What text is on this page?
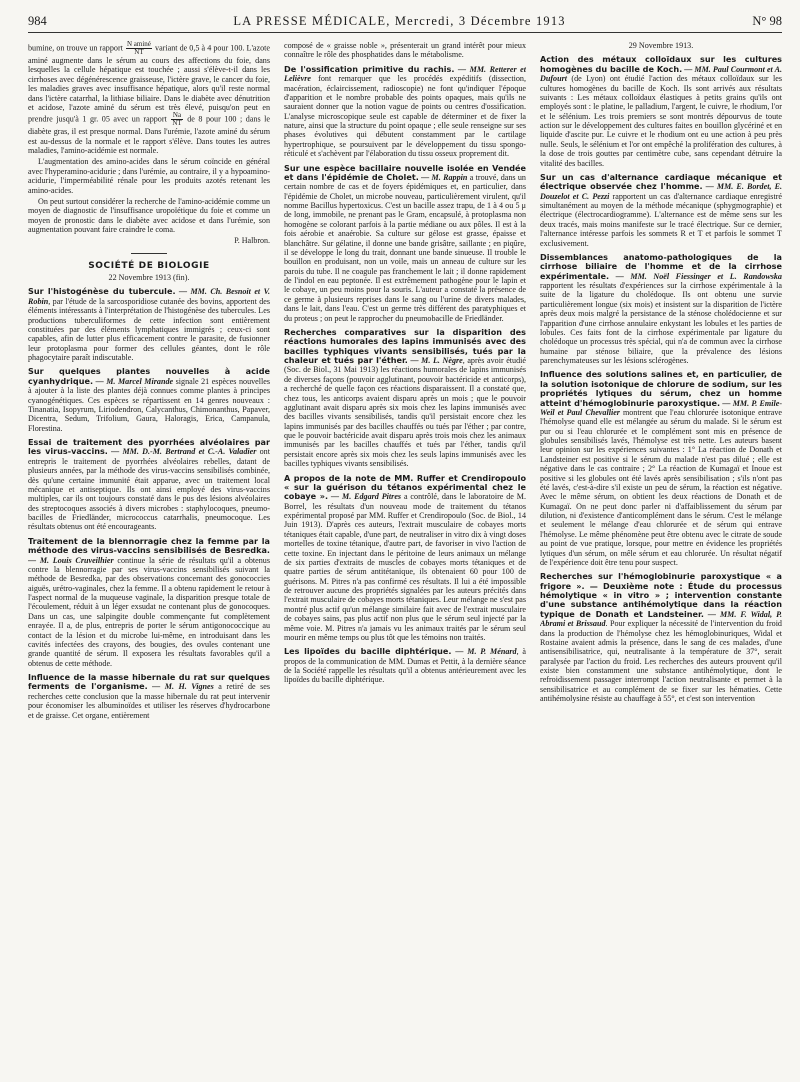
984	LA PRESSE MÉDICALE, Mercredi, 3 Décembre 1913	N° 98

bumine, on trouve un rapport $\frac{\text{N aminé}}{NT}$ variant de 0,5 à 4 pour 100. L'azote aminé augmente dans le sérum au cours des affections du foie, dans lesquelles la cellule hépatique est touchée ; aussi s'élève-t-il dans les cirrhoses avec dégénérescence graisseuse, l'ictère grave, le cancer du foie, les maladies graves avec insuffisance hépatique, alors qu'il reste normal dans l'ictère catarrhal, la lithiase biliaire. Dans le diabète avec dénutrition et acidose, l'azote aminé du sérum est très élevé, puisqu'on peut en prendre jusqu'à 1 gr. 05 avec un rapport $\frac{Na}{NT}$ de 8 pour 100 ; dans le diabète gras, il est presque normal. Dans l'urémie, l'azote aminé du sérum est au-dessus de la normale et le rapport s'élève. Dans toutes les autres maladies, l'amino-acidémie est normale.

L'augmentation des amino-acides dans le sérum coïncide en général avec l'hyperamino-acidurie ; dans l'urémie, au contraire, il y a hypoamino-acidurie, l'imperméabilité rénale pour les produits azotés retenant les amino-acides.

On peut surtout considérer la recherche de l'amino-acidémie comme un moyen de diagnostic de l'insuffisance uropoïétique du foie et comme un moyen de pronostic dans le diabète avec acidose et dans l'urémie, son augmentation pouvant faire craindre le coma.

P. Halbron.
SOCIÉTÉ DE BIOLOGIE
22 Novembre 1913 (fin).

Sur l'histogénèse du tubercule. — MM. Ch. Besnoit et V. Robin, par l'étude de la sarcosporidiose cutanée des bovins, apportent des éléments intéressants à l'interprétation de l'histogénèse des tubercules. Les productions tuberculiformes de cette infection sont entièrement constituées par des éléments lymphatiques immigrés ; ceux-ci sont capables, afin de lutter plus efficacement contre le parasite, de fusionner leur protoplasma pour former des cellules géantes, dont le rôle phagocytaire paraît indiscutable.

Sur quelques plantes nouvelles à acide cyanhydrique. — M. Marcel Mirande signale 21 espèces nouvelles à ajouter à la liste des plantes déjà connues comme plantes à principes cyanogénétiques. Ces espèces se répartissent en 14 genres nouveaux : Tinanatia, Isopyrum, Liriodendron, Calycanthus, Chimonanthus, Papaver, Dicentra, Sedum, Trifolium, Gaura, Haloragis, Erica, Campanula, Florestina.

Essai de traitement des pyorrhées alvéolaires par les virus-vaccins. — MM. D.-M. Bertrand et C.-A. Valadier ont entrepris le traitement de pyorrhées alvéolaires rebelles, datant de plusieurs années, par la méthode des virus-vaccins sensibilisés combinée, dès qu'une certaine immunité était apparue, avec un traitement local mécanique et antiseptique. Ils ont ainsi employé des virus-vaccins multiples, car ils ont toujours constaté dans le pus des lésions alvéolaires des streptocoques associés à divers microbes : staphylocoques, pneumo-bacilles de Friedländer, micrococcus catarrhalis, pneumocoque. Les résultats obtenus ont été encourageants.

Traitement de la blennorragie chez la femme par la méthode des virus-vaccins sensibilisés de Besredka. — M. Louis Cruveilhier continue la série de résultats qu'il a obtenus contre la blennorragie par ses virus-vaccins sensibilisés suivant la méthode de Besredka, par des observations concernant des gonococcies aiguës, urétro-vaginales, chez la femme. Il a obtenu rapidement le retour à l'aspect normal de la muqueuse vaginale, la disparition presque totale de l'écoulement, réduit à un léger exsudat ne contenant plus de gonocoques. Dans un cas, une salpingite double commençante fut complètement enrayée. Il a, de plus, entrepris de porter le sérum antigonococcique au contact de la lésion et du microbe lui-même, en introduisant dans les cavités infectées des crayons, des bougies, des ovules contenant une grande quantité de sérum. Il exposera les résultats favorables qu'il a obtenus de cette méthode.

Influence de la masse hibernale du rat sur quelques ferments de l'organisme. — M. H. Vignes a retiré de ses recherches cette conclusion que la masse hibernale du rat peut intervenir pour économiser les albuminoïdes et utiliser les réserves d'hydrocarbone et de graisse. Cet organe, entièrement

composé de « graisse noble », présenterait un grand intérêt pour mieux connaître le rôle des phosphatides dans le métabolisme.

De l'ossification primitive du rachis. — MM. Retterer et Lelièvre font remarquer que les procédés expéditifs (dissection, macération, éclaircissement, radioscopie) ne font qu'indiquer l'époque d'apparition et le nombre probable des points opaques, mais qu'ils ne sauraient donner que la notion vague de points ou centres d'ossification. L'analyse microscopique seule est capable de déterminer et de fixer la nature, ainsi que la structure du point opaque ; elle seule renseigne sur ses phases évolutives qui débutent constamment par le cartilage hypertrophique, se poursuivent par le développement du tissu spongo-réticulé et s'achèvent par l'élaboration du tissu osseux proprement dit.

Sur une espèce bacillaire nouvelle isolée en Vendée et dans l'épidémie de Cholet. — M. Rappin a trouvé, dans un certain nombre de cas et de foyers épidémiques et, en particulier, dans l'épidémie de Cholet, un microbe nouveau, particulièrement virulent, qu'il nomme Bacillus hypertoxicus. C'est un bacille assez trapu, de 1 à 4 ou 5 μ de long, immobile, ne prenant pas le Gram, encapsulé, à protoplasma non homogène se colorant parfois à la partie médiane ou aux pôles. Il est à la fois aérobie et anaérobie. Sa culture sur gélose est grasse, épaisse et blanchâtre. Sur gélatine, il donne une bande grisâtre, saillante ; en piqûre, il se développe le long du trait, donnant une bande sinueuse. Il trouble le bouillon en produisant, non un voile, mais un anneau de culture sur les parois du tube. Il ne coagule pas franchement le lait ; il donne rapidement de l'indol en eau peptonée. Il est extrêmement pathogène pour le lapin et le cobaye, un peu moins pour la souris. L'auteur a constaté la présence de ce germe à plusieurs reprises dans le sang ou l'urine de divers malades, dans le lait, dans l'eau. C'est un germe très différent des paratyphiques et du proteus ; on peut le rapprocher du pneumobacille de Friedländer.

Recherches comparatives sur la disparition des réactions humorales des lapins immunisés avec des bacilles typhiques vivants sensibilisés, tués par la chaleur et tués par l'éther. — M. L. Nègre, après avoir étudié (Soc. de Biol., 31 Mai 1913) les réactions humorales de lapins immunisés de diverses façons (pouvoir agglutinant, pouvoir bactéricide et anticorps), a recherché de quelle façon ces réactions disparaissent. Il a constaté que, chez tous, les anticorps avaient disparu après un mois ; que le pouvoir agglutinant avait disparu après six mois chez les lapins immunisés avec des bacilles vivants sensibilisés, tandis qu'il persistait encore chez les lapins immunisés par des bacilles chauffés ou tués par l'éther ; par contre, que le pouvoir bactéricide avait disparu après trois mois chez les animaux immunisés par les bacilles chauffés et tués par l'éther, tandis qu'il persistait encore après six mois chez les seuls lapins immunisés avec les bacilles typhiques vivants sensibilisés.

A propos de la note de MM. Ruffer et Crendiropoulo « sur la guérison du tétanos expérimental chez le cobaye ». — M. Edgard Pitres a contrôlé, dans le laboratoire de M. Borrel, les résultats d'un nouveau mode de traitement du tétanos expérimental proposé par MM. Ruffer et Crendiropoulo (Soc. de Biol., 14 Juin 1913). D'après ces auteurs, l'extrait musculaire de cobayes morts tétaniques était capable, d'une part, de neutraliser in vitro dix à vingt doses mortelles de toxine tétanique, d'autre part, de favoriser in vivo l'action de cette toxine. En injectant dans le péritoine de leurs animaux un mélange de six parties d'extraits de muscles de cobayes morts tétaniques et de quatre parties de sérum antitétanique, ils obtenaient 60 pour 100 de guérisons. M. Pitres n'a pas confirmé ces résultats. Il lui a été impossible de retrouver aucune des propriétés signalées par les auteurs précités dans l'extrait musculaire de cobayes morts tétaniques. Leur mélange ne s'est pas montré plus actif qu'un mélange similaire fait avec de l'extrait musculaire de cobayes sains, pas plus actif non plus que le sérum seul injecté par la même voie. M. Pitres n'a jamais vu les animaux traités par le sérum seul mourir en même temps ou plus tôt que les témoins non traités.

Les lipoïdes du bacille diphtérique. — M. P. Ménard, à propos de la communication de MM. Dumas et Pettit, à la dernière séance de la Société rappelle les résultats qu'il a obtenus antérieurement avec les lipoïdes du bacille diphtérique.

29 Novembre 1913.

Action des métaux colloïdaux sur les cultures homogènes du bacille de Koch. — MM. Paul Courmont et A. Dufourt (de Lyon) ont étudié l'action des métaux colloïdaux sur les cultures homogènes du bacille de Koch. Ils sont arrivés aux résultats suivants : Les métaux colloïdaux élastiques à petits grains qu'ils ont employés sont : le platine, le palladium, l'argent, le cuivre, le rhodium, l'or et le sélénium. Les trois premiers se sont montrés dépourvus de toute action sur le développement des cultures faites en bouillon glycériné et en liquide d'ascite pur. Le cuivre et le rhodium ont eu une action à peu près nulle. Seuls, le sélénium et l'or ont empêché la prolifération des cultures, à la dose de trois gouttes par centimètre cube, sans cependant détruire la vitalité des bacilles.

Sur un cas d'alternance cardiaque mécanique et électrique observée chez l'homme. — MM. E. Bordet, E. Douzelot et C. Pezzi rapportent un cas d'alternance cardiaque enregistré simultanément au moyen de la méthode mécanique (sphygmographie) et électrique (électrocardiogramme). L'alternance est de même sens sur les deux tracés, mais moins manifeste sur le tracé électrique. Sur ce dernier, l'alternance intéresse parfois les sommets R et T et parfois le sommet T exclusivement.

Dissemblances anatomo-pathologiques de la cirrhose biliaire de l'homme et de la cirrhose expérimentale. — MM. Noël Fiessinger et L. Randowska rapportent les résultats d'expériences sur la cirrhose expérimentale à la suite de la ligature du cholédoque. Ils ont obtenu une survie particulièrement longue (six mois) et insistent sur la disparition de l'ictère après deux mois malgré la persistance de la sténose cholédocienne et sur l'apparition d'une cirrhose annulaire enkystant les lobules et les parties de lobules. Ces faits font de la cirrhose expérimentale par ligature du cholédoque un processus très spécial, qui n'a de commun avec la cirrhose humaine par sténose biliaire, que la prévalence des lésions parenchymateuses sur les lésions sclérogènes.

Influence des solutions salines et, en particulier, de la solution isotonique de chlorure de sodium, sur les propriétés lytiques du sérum, chez un homme atteint d'hémoglobinurie paroxystique. — MM. P. Emile-Weil et Paul Chevallier montrent que l'eau chlorurée isotonique entrave l'hémolyse quand elle est mélangée au sérum du malade. Si le sérum est pur ou si l'eau chlorurée et le complément sont mis en présence de globules sensibilisés lavés, l'hémolyse est très nette. Les auteurs basent leur opinion sur les expériences suivantes : 1° La réaction de Donath et Landsteiner est positive si le sérum du malade n'est pas dilué ; elle est négative dans le cas contraire ; 2° La réaction de Kumagaï et Inoue est positive si les globules ont été lavés après sensibilisation ; s'ils n'ont pas été lavés, c'est-à-dire s'il existe un peu de sérum, la réaction est négative. Avec le même sérum, on obtient les deux réactions de Donath et de Kumagaï. On ne peut donc parler ni d'affaiblissement du sérum par dilution, ni d'existence d'anticomplément dans le sérum. C'est le mélange et seulement le mélange d'eau chlorurée et de sérum qui entrave l'hémolyse. Le même phénomène peut être obtenu avec le citrate de soude au point de vue pratique, lorsque, pour mettre en évidence les propriétés lytiques d'un sérum, on mêle sérum et eau chlorurée. Un résultat négatif de l'expérience doit être tenu pour suspect.

Recherches sur l'hémoglobinurie paroxystique « a frigore ». — Deuxième note : Étude du processus hémolytique « in vitro » ; intervention constante d'une substance antihémolytique dans la réaction typique de Donath et Landsteiner. — MM. F. Widal, P. Abrami et Brissaud. Pour expliquer la nécessité de l'intervention du froid dans la production de l'hémolyse chez les hémoglobinuriques, Widal et Rostaine avaient admis la présence, dans le sang de ces malades, d'une antisensibilisatrice, qui, neutralisante à la température de 37°, serait paralysée par l'action du froid. Les recherches des auteurs prouvent qu'il existe bien constamment une substance antihémolytique, dont le refroidissement passager interrompt l'action neutralisante et permet à la sensibilisatrice et au complément de se fixer sur les hématies. Cette antihémolysine résiste au chauffage à 55°, et c'est son intervention
